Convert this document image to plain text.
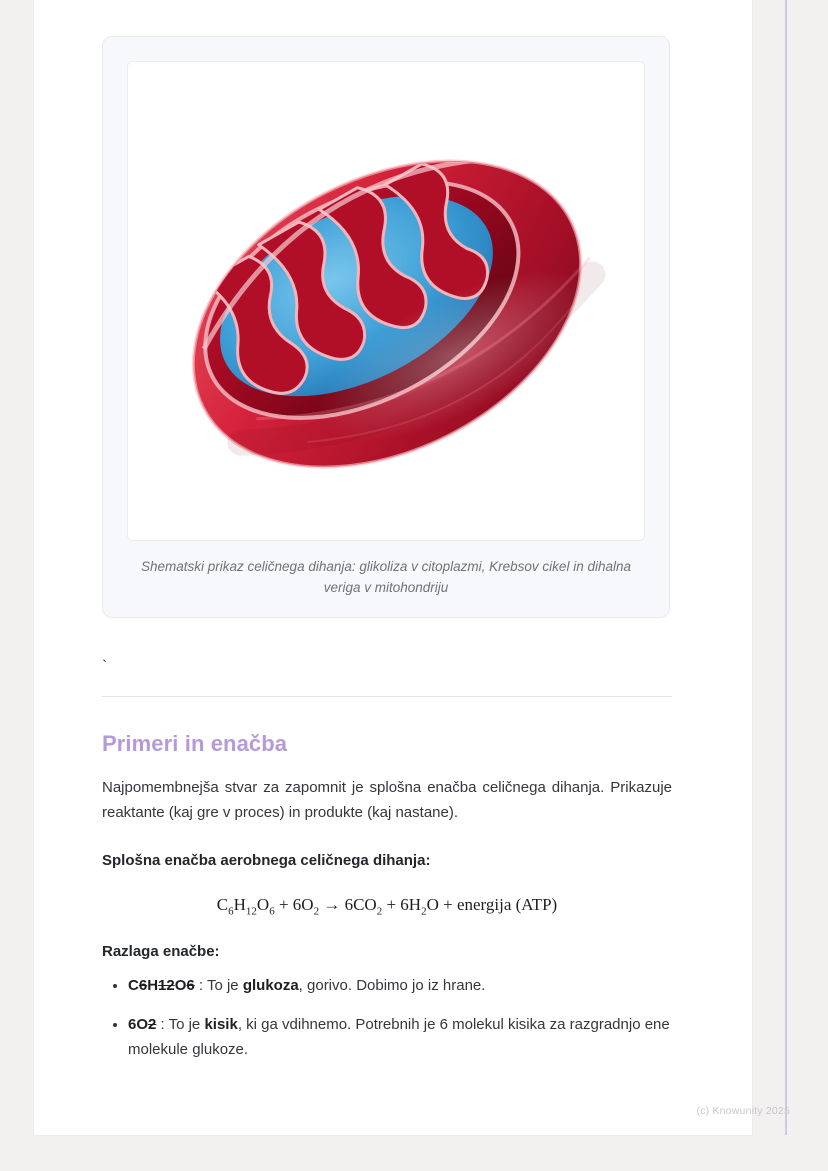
Shematski prikaz celičnega dihanja: glikoliza v citoplazmi, Krebsov cikel in dihalna veriga v mitohondriju
`
Primeri in enačba

Najpomembnejša stvar za zapomnit je splošna enačba celičnega dihanja. Prikazuje reaktante (kaj gre v proces) in produkte (kaj nastane).

Splošna enačba aerobnega celičnega dihanja:

$C_6H_{12}O_6 + 6O_2 \to 6CO_2 + 6H_2O$ + energija (ATP)

Razlaga enačbe:

• C6H12O6 : To je glukoza, gorivo. Dobimo jo iz hrane.
• 6O2 : To je kisik, ki ga vdihnemo. Potrebnih je 6 molekul kisika za razgradnjo ene molekule glukoze.
(c) Knowunity 2025
